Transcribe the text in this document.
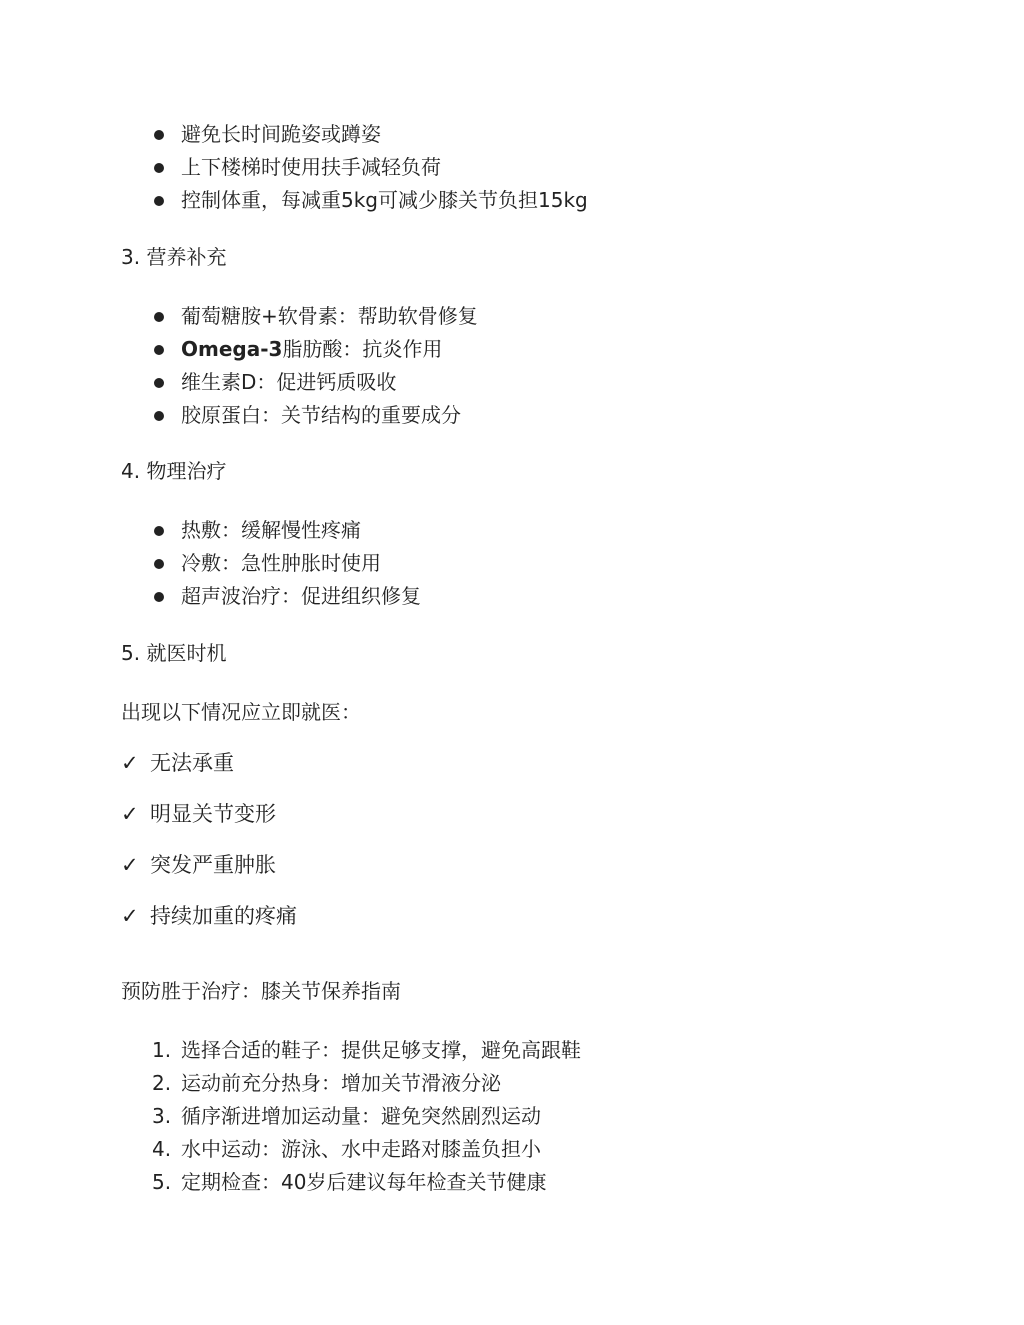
避免长时间跪姿或蹲姿
上下楼梯时使用扶手减轻负荷
控制体重，每减重5kg可减少膝关节负担15kg
3. 营养补充
葡萄糖胺+软骨素：帮助软骨修复
Omega-3 脂肪酸：抗炎作用
维生素D：促进钙质吸收
胶原蛋白：关节结构的重要成分
4. 物理治疗
热敷：缓解慢性疼痛
冷敷：急性肿胀时使用
超声波治疗：促进组织修复
5. 就医时机
出现以下情况应立即就医：
✓ 无法承重
✓ 明显关节变形
✓ 突发严重肿胀
✓ 持续加重的疼痛
预防胜于治疗：膝关节保养指南
1. 选择合适的鞋子：提供足够支撑，避免高跟鞋
2. 运动前充分热身：增加关节滑液分泌
3. 循序渐进增加运动量：避免突然剧烈运动
4. 水中运动：游泳、水中走路对膝盖负担小
5. 定期检查：40岁后建议每年检查关节健康
